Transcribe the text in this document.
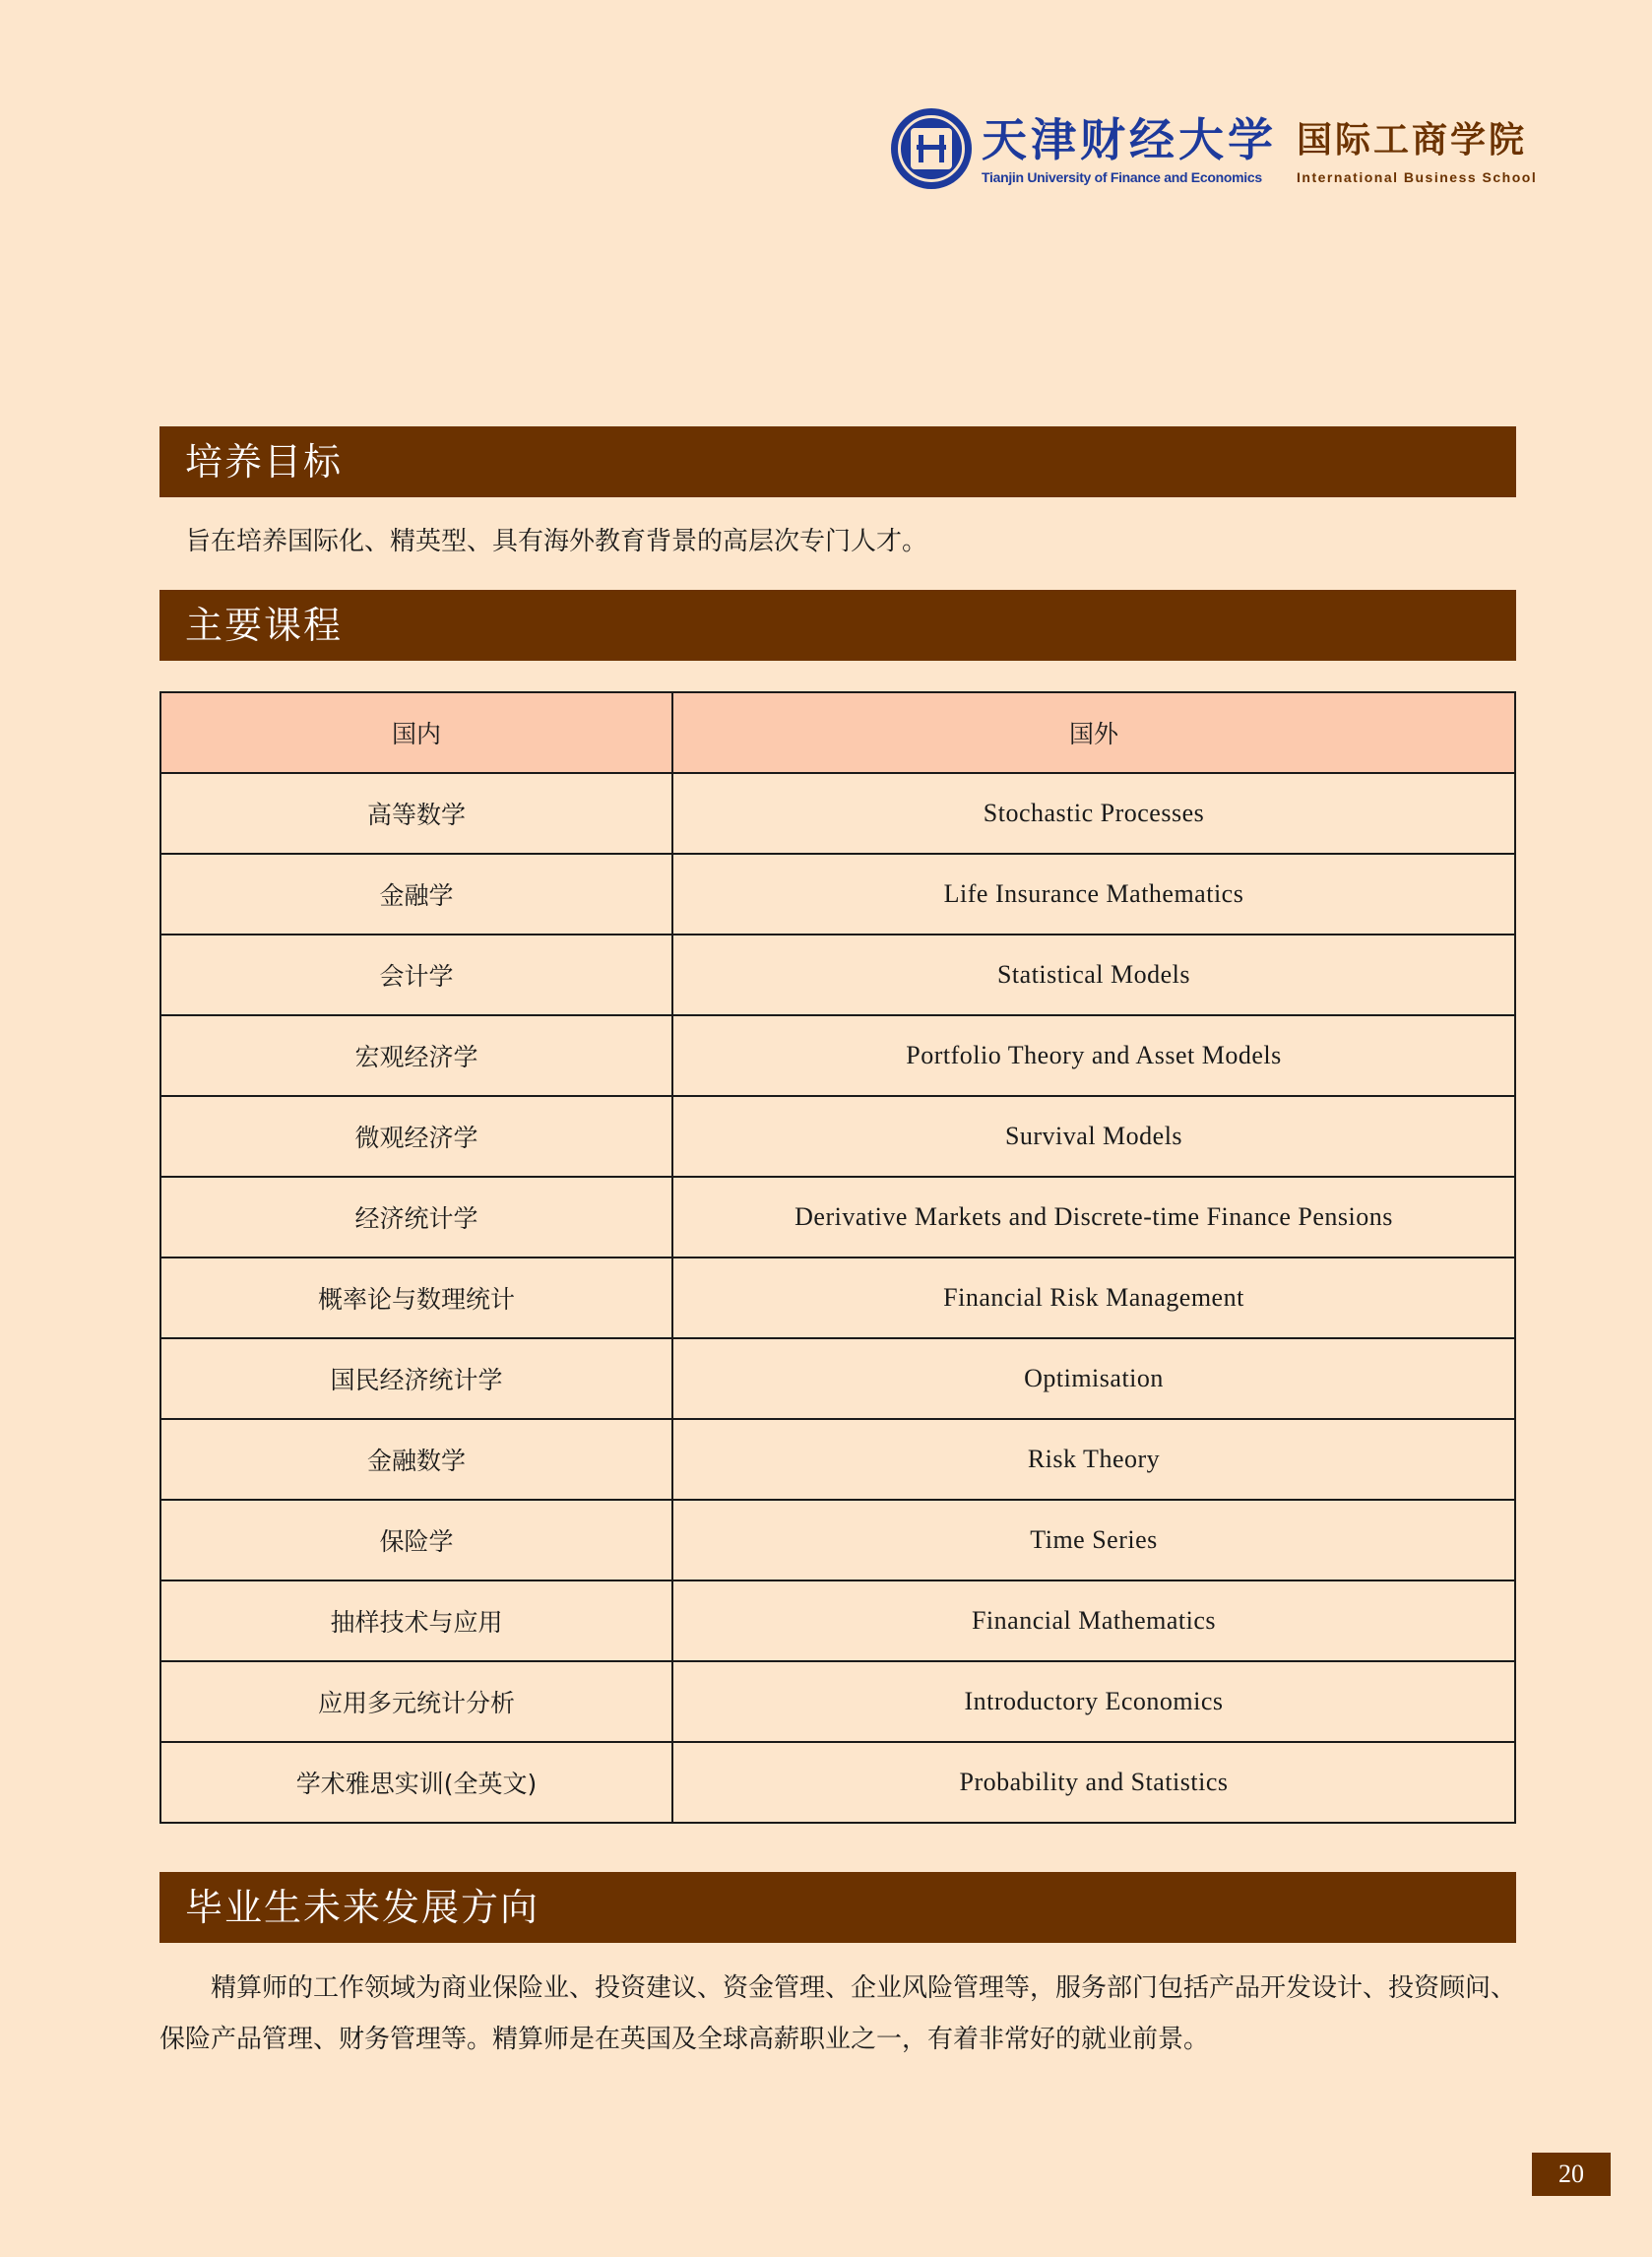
天津财经大学
Tianjin University of Finance and Economics
国际工商学院
International Business School
培养目标

旨在培养国际化、精英型、具有海外教育背景的高层次专门人才。

主要课程
国内	国外
高等数学	Stochastic Processes
金融学	Life Insurance Mathematics
会计学	Statistical Models
宏观经济学	Portfolio Theory and Asset Models
微观经济学	Survival Models
经济统计学	Derivative Markets and Discrete-time Finance Pensions
概率论与数理统计	Financial Risk Management
国民经济统计学	Optimisation
金融数学	Risk Theory
保险学	Time Series
抽样技术与应用	Financial Mathematics
应用多元统计分析	Introductory Economics
学术雅思实训(全英文)	Probability and Statistics
毕业生未来发展方向

精算师的工作领域为商业保险业、投资建议、资金管理、企业风险管理等，服务部门包括产品开发设计、投资顾问、保险产品管理、财务管理等。精算师是在英国及全球高薪职业之一，有着非常好的就业前景。

20
